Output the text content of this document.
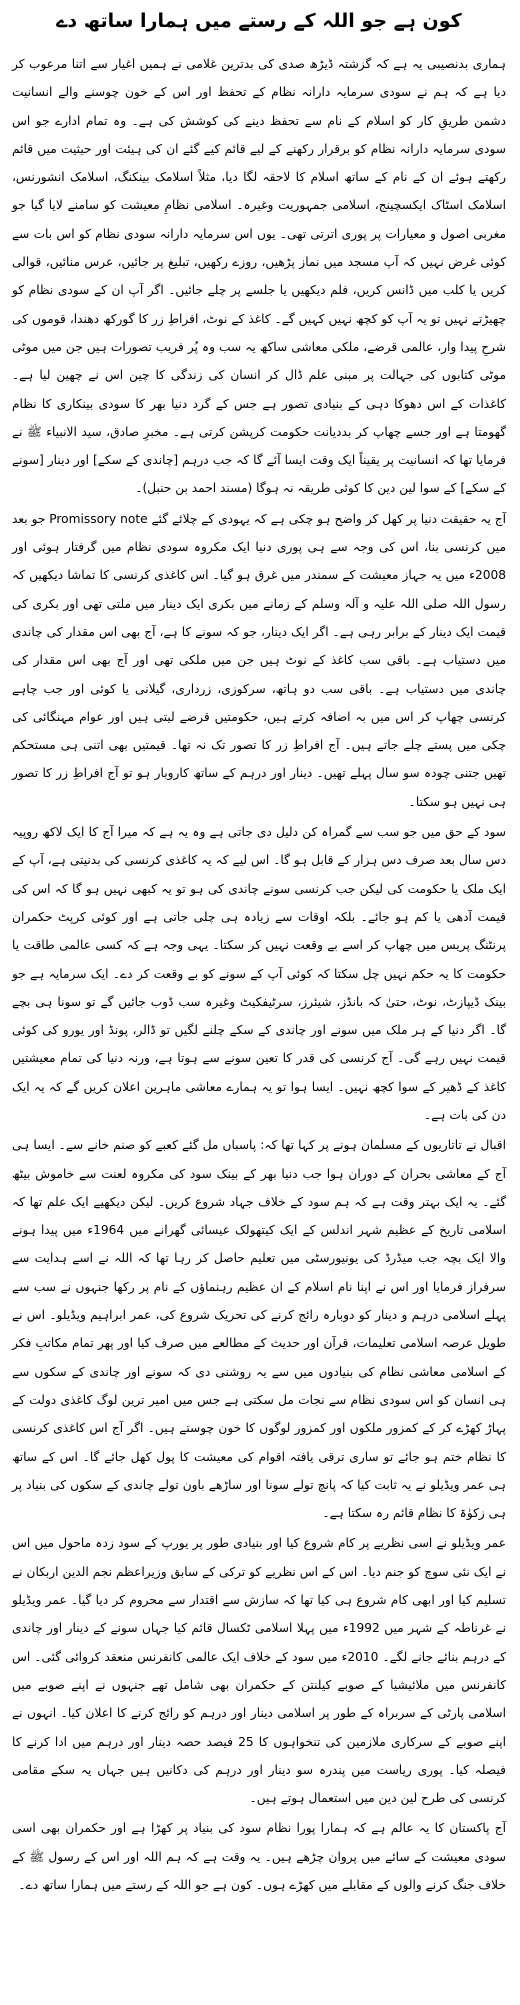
کون ہے جو اللہ کے رستے میں ہمارا ساتھ دے

ہماری بدنصیبی یہ ہے کہ گزشتہ ڈیڑھ صدی کی بدترین غلامی نے ہمیں اغیار سے اتنا مرعوب کر دیا ہے کہ ہم نے سودی سرمایہ دارانہ نظام کے تحفظ اور اس کے خون چوسنے والے انسانیت دشمن طریقِ کار کو اسلام کے نام سے تحفظ دینے کی کوشش کی ہے۔ وہ تمام ادارے جو اس سودی سرمایہ دارانہ نظام کو برقرار رکھنے کے لیے قائم کیے گئے ان کی ہیئت اور حیثیت میں قائم رکھتے ہوئے ان کے نام کے ساتھ اسلام کا لاحقہ لگا دیا، مثلاً اسلامک بینکنگ، اسلامک انشورنس، اسلامک اسٹاک ایکسچینج، اسلامی جمہوریت وغیرہ۔ اسلامی نظامِ معیشت کو سامنے لایا گیا جو مغربی اصول و معیارات پر پوری اترتی تھی۔ یوں اس سرمایہ دارانہ سودی نظام کو اس بات سے کوئی غرض نہیں کہ آپ مسجد میں نماز پڑھیں، روزے رکھیں، تبلیغ پر جائیں، عرس منائیں، قوالی کریں یا کلب میں ڈانس کریں، فلم دیکھیں یا جلسے پر چلے جائیں۔ اگر آپ ان کے سودی نظام کو چھیڑتے نہیں تو یہ آپ کو کچھ نہیں کہیں گے۔ کاغذ کے نوٹ، افراطِ زر کا گورکھ دھندا، قوموں کی شرحِ پیدا وار، عالمی قرضے، ملکی معاشی ساکھ یہ سب وہ پُر فریب تصورات ہیں جن میں موٹی موٹی کتابوں کی جہالت پر مبنی علم ڈال کر انسان کی زندگی کا چین اس نے چھین لیا ہے۔ کاغذات کے اس دھوکا دہی کے بنیادی تصور ہے جس کے گرد دنیا بھر کا سودی بینکاری کا نظام گھومتا ہے اور جسے چھاپ کر بددیانت حکومت کرپشن کرتی ہے۔ مخبرِ صادق، سید الانبیاء ﷺ نے فرمایا تھا کہ انسانیت پر یقیناً ایک وقت ایسا آئے گا کہ جب درہم [چاندی کے سکے] اور دینار [سونے کے سکے] کے سوا لین دین کا کوئی طریقہ نہ ہوگا (مسند احمد بن حنبل)۔

آج یہ حقیقت دنیا پر کھل کر واضح ہو چکی ہے کہ یہودی کے چلائے گئے Promissory note جو بعد میں کرنسی بنا، اس کی وجہ سے ہی پوری دنیا ایک مکروہ سودی نظام میں گرفتار ہوئی اور 2008ء میں یہ جہاز معیشت کے سمندر میں غرق ہو گیا۔ اس کاغذی کرنسی کا تماشا دیکھیں کہ رسول اللہ صلی اللہ علیہ و آلہ وسلم کے زمانے میں بکری ایک دینار میں ملتی تھی اور بکری کی قیمت ایک دینار کے برابر رہی ہے۔ اگر ایک دینار، جو کہ سونے کا ہے، آج بھی اس مقدار کی چاندی میں دستیاب ہے۔ باقی سب کاغذ کے نوٹ ہیں جن میں ملکی تھی اور آج بھی اس مقدار کی چاندی میں دستیاب ہے۔ باقی سب دو ہاتھ، سرکوزی، زرداری، گیلانی یا کوئی اور جب چاہے کرنسی چھاپ کر اس میں بہ اضافہ کرتے ہیں، حکومتیں قرضے لیتی ہیں اور عوام مہنگائی کی چکی میں پستے چلے جاتے ہیں۔ آج افراطِ زر کا تصور تک نہ تھا۔ قیمتیں بھی اتنی ہی مستحکم تھیں جتنی چودہ سو سال پہلے تھیں۔ دینار اور درہم کے ساتھ کاروبار ہو تو آج افراطِ زر کا تصور ہی نہیں ہو سکتا۔

سود کے حق میں جو سب سے گمراہ کن دلیل دی جاتی ہے وہ یہ ہے کہ میرا آج کا ایک لاکھ روپیہ دس سال بعد صرف دس ہزار کے قابل ہو گا۔ اس لیے کہ یہ کاغذی کرنسی کی بدنیتی ہے، آپ کے ایک ملک یا حکومت کی لیکن جب کرنسی سونے چاندی کی ہو تو یہ کبھی نہیں ہو گا کہ اس کی قیمت آدھی یا کم ہو جائے۔ بلکہ اوقات سے زیادہ ہی چلی جاتی ہے اور کوئی کرپٹ حکمران پرنٹنگ پریس میں چھاپ کر اسے بے وقعت نہیں کر سکتا۔ یہی وجہ ہے کہ کسی عالمی طاقت یا حکومت کا یہ حکم نہیں چل سکتا کہ کوئی آپ کے سونے کو بے وقعت کر دے۔ ایک سرمایہ ہے جو بینک ڈیپازٹ، نوٹ، حتیٰ کہ بانڈز، شیئرز، سرٹیفکیٹ وغیرہ سب ڈوب جائیں گے تو سونا ہی بچے گا۔ اگر دنیا کے ہر ملک میں سونے اور چاندی کے سکے چلنے لگیں تو ڈالر، پونڈ اور یورو کی کوئی قیمت نہیں رہے گی۔ آج کرنسی کی قدر کا تعین سونے سے ہوتا ہے، ورنہ دنیا کی تمام معیشتیں کاغذ کے ڈھیر کے سوا کچھ نہیں۔ ایسا ہوا تو یہ ہمارے معاشی ماہرین اعلان کریں گے کہ یہ ایک دن کی بات ہے۔

اقبال نے تاتاریوں کے مسلمان ہونے پر کہا تھا کہ: پاسباں مل گئے کعبے کو صنم خانے سے۔ ایسا ہی آج کے معاشی بحران کے دوران ہوا جب دنیا بھر کے بینک سود کی مکروہ لعنت سے خاموش بیٹھ گئے۔ یہ ایک بہتر وقت ہے کہ ہم سود کے خلاف جہاد شروع کریں۔ لیکن دیکھیے ایک علم تھا کہ اسلامی تاریخ کے عظیم شہر اندلس کے ایک کیتھولک عیسائی گھرانے میں 1964ء میں پیدا ہونے والا ایک بچہ جب میڈرڈ کی یونیورسٹی میں تعلیم حاصل کر رہا تھا کہ اللہ نے اسے ہدایت سے سرفراز فرمایا اور اس نے اپنا نام اسلام کے ان عظیم رہنماؤں کے نام پر رکھا جنہوں نے سب سے پہلے اسلامی درہم و دینار کو دوبارہ رائج کرنے کی تحریک شروع کی، عمر ابراہیم ویڈیلو۔ اس نے طویل عرصہ اسلامی تعلیمات، قرآن اور حدیث کے مطالعے میں صرف کیا اور پھر تمام مکاتبِ فکر کے اسلامی معاشی نظام کی بنیادوں میں سے یہ روشنی دی کہ سونے اور چاندی کے سکوں سے ہی انسان کو اس سودی نظام سے نجات مل سکتی ہے جس میں امیر ترین لوگ کاغذی دولت کے پہاڑ کھڑے کر کے کمزور ملکوں اور کمزور لوگوں کا خون چوستے ہیں۔ اگر آج اس کاغذی کرنسی کا نظام ختم ہو جائے تو ساری ترقی یافتہ اقوام کی معیشت کا پول کھل جائے گا۔ اس کے ساتھ ہی عمر ویڈیلو نے یہ ثابت کیا کہ پانچ تولے سونا اور ساڑھے باون تولے چاندی کے سکوں کی بنیاد پر ہی زکوٰۃ کا نظام قائم رہ سکتا ہے۔

عمر ویڈیلو نے اسی نظریے پر کام شروع کیا اور بنیادی طور پر یورپ کے سود زدہ ماحول میں اس نے ایک نئی سوچ کو جنم دیا۔ اس کے اس نظریے کو ترکی کے سابق وزیراعظم نجم الدین اربکان نے تسلیم کیا اور ابھی کام شروع ہی کیا تھا کہ سازش سے اقتدار سے محروم کر دیا گیا۔ عمر ویڈیلو نے غرناطہ کے شہر میں 1992ء میں پہلا اسلامی ٹکسال قائم کیا جہاں سونے کے دینار اور چاندی کے درہم بنائے جانے لگے۔ 2010ء میں سود کے خلاف ایک عالمی کانفرنس منعقد کروائی گئی۔ اس کانفرنس میں ملائیشیا کے صوبے کیلنتن کے حکمران بھی شامل تھے جنہوں نے اپنے صوبے میں اسلامی پارٹی کے سربراہ کے طور پر اسلامی دینار اور درہم کو رائج کرنے کا اعلان کیا۔ انہوں نے اپنے صوبے کے سرکاری ملازمین کی تنخواہوں کا 25 فیصد حصہ دینار اور درہم میں ادا کرنے کا فیصلہ کیا۔ پوری ریاست میں پندرہ سو دینار اور درہم کی دکانیں ہیں جہاں یہ سکے مقامی کرنسی کی طرح لین دین میں استعمال ہوتے ہیں۔

آج پاکستان کا یہ عالم ہے کہ ہمارا پورا نظام سود کی بنیاد پر کھڑا ہے اور حکمران بھی اسی سودی معیشت کے سائے میں پروان چڑھے ہیں۔ یہ وقت ہے کہ ہم اللہ اور اس کے رسول ﷺ کے خلاف جنگ کرنے والوں کے مقابلے میں کھڑے ہوں۔ کون ہے جو اللہ کے رستے میں ہمارا ساتھ دے۔
